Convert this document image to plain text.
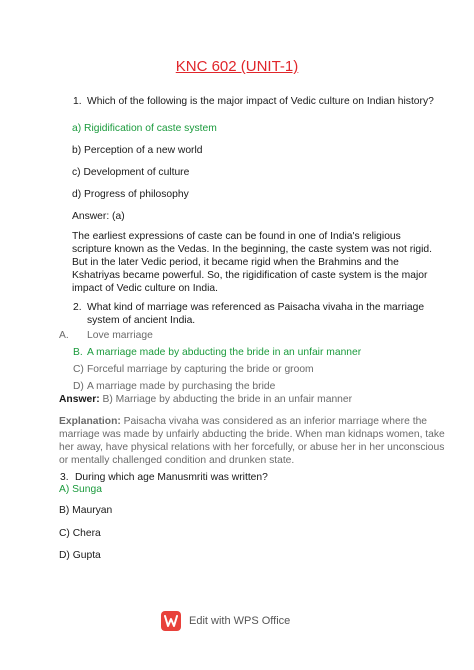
KNC 602 (UNIT-1)
1. Which of the following is the major impact of Vedic culture on Indian history?
a) Rigidification of caste system
b) Perception of a new world
c) Development of culture
d) Progress of philosophy
Answer: (a)
The earliest expressions of caste can be found in one of India's religious
scripture known as the Vedas. In the beginning, the caste system was not rigid.
But in the later Vedic period, it became rigid when the Brahmins and the
Kshatriyas became powerful. So, the rigidification of caste system is the major
impact of Vedic culture on India.
2. What kind of marriage was referenced as Paisacha vivaha in the marriage
system of ancient India.
A. Love marriage
B. A marriage made by abducting the bride in an unfair manner
C) Forceful marriage by capturing the bride or groom
D) A marriage made by purchasing the bride
Answer: B) Marriage by abducting the bride in an unfair manner
Explanation: Paisacha vivaha was considered as an inferior marriage where the
marriage was made by unfairly abducting the bride. When man kidnaps women, take
her away, have physical relations with her forcefully, or abuse her in her unconscious
or mentally challenged condition and drunken state.
3. During which age Manusmriti was written?
A) Sunga
B) Mauryan
C) Chera
D) Gupta
Edit with WPS Office
